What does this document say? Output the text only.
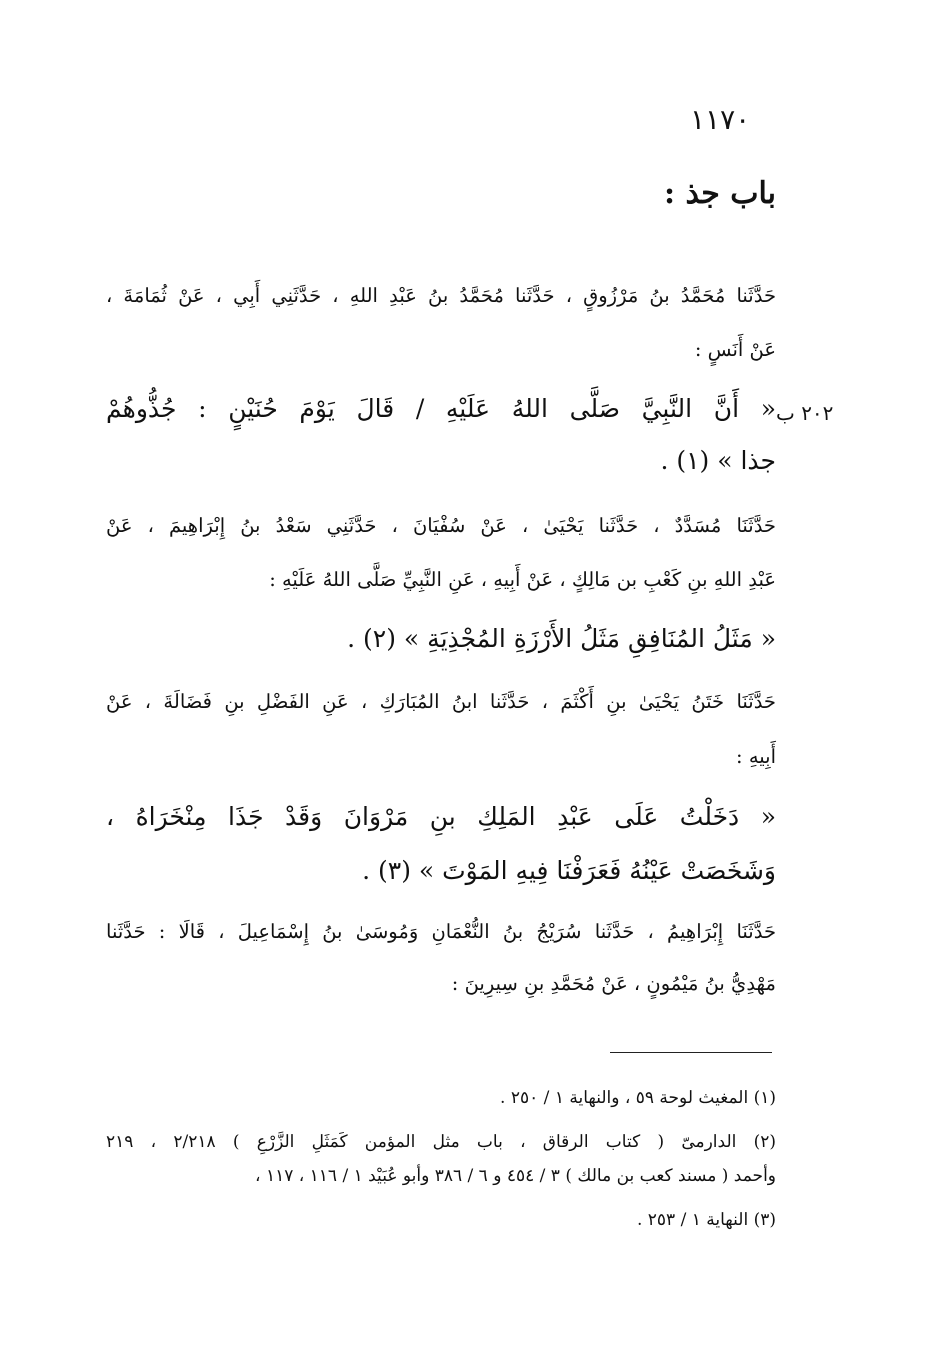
١١٧٠
باب جذ :
٢٠٢ ب
حَدَّثَنا مُحَمَّدُ بنُ مَرْزُوقٍ ، حَدَّثَنا مُحَمَّدُ بنُ عَبْدِ اللهِ ، حَدَّثَنِي أَبِي ، عَنْ ثُمَامَةَ ،
عَنْ أَنَسٍ :
« أَنَّ النَّبِيَّ صَلَّى اللهُ عَلَيْهِ / قَالَ يَوْمَ حُنَيْنٍ : جُذُّوهُمْ
جذا » (١) .
حَدَّثَنَا مُسَدَّدٌ ، حَدَّثَنا يَحْيَىٰ ، عَنْ سُفْيَانَ ، حَدَّثَنِي سَعْدُ بنُ إِبْرَاهِيمَ ، عَنْ
عَبْدِ اللهِ بنِ كَعْبِ بن مَالِكٍ ، عَنْ أَبِيهِ ، عَنِ النَّبِيِّ صَلَّى اللهُ عَلَيْهِ :
« مَثَلُ المُنَافِقِ مَثَلُ الأَرْزَةِ المُجْذِيَةِ » (٢) .
حَدَّثَنَا خَتَنُ يَحْيَىٰ بنِ أَكْثَمَ ، حَدَّثَنا ابنُ المُبَارَكِ ، عَنِ الفَضْلِ بنِ فَضَالَةَ ، عَنْ
أَبِيهِ :
« دَخَلْتُ عَلَى عَبْدِ المَلِكِ بنِ مَرْوَانَ وَقَدْ جَذَا مِنْخَرَاهُ ،
وَشَخَصَتْ عَيْنُهُ فَعَرَفْنَا فِيهِ المَوْتَ » (٣) .
حَدَّثَنَا إِبْرَاهِيمُ ، حَدَّثَنا سُرَيْجُ بنُ النُّعْمَانِ وَمُوسَىٰ بنُ إِسْمَاعِيلَ ، قَالَا : حَدَّثَنا
مَهْدِيُّ بنُ مَيْمُونٍ ، عَنْ مُحَمَّدِ بنِ سِيرِينَ :
(١) المغيث لوحة ٥٩ ، والنهاية ١ / ٢٥٠ .
(٢) الدارمىّ ( كتاب الرقاق ، باب مثل المؤمن كَمَثَلِ الزَّرْعِ ) ٢/٢١٨ ، ٢١٩
وأحمد ( مسند كعب بن مالك ) ٣ / ٤٥٤ و ٦ / ٣٨٦ وأبو عُبَيْد ١ / ١١٦ ، ١١٧ ،
(٣) النهاية ١ / ٢٥٣ .
